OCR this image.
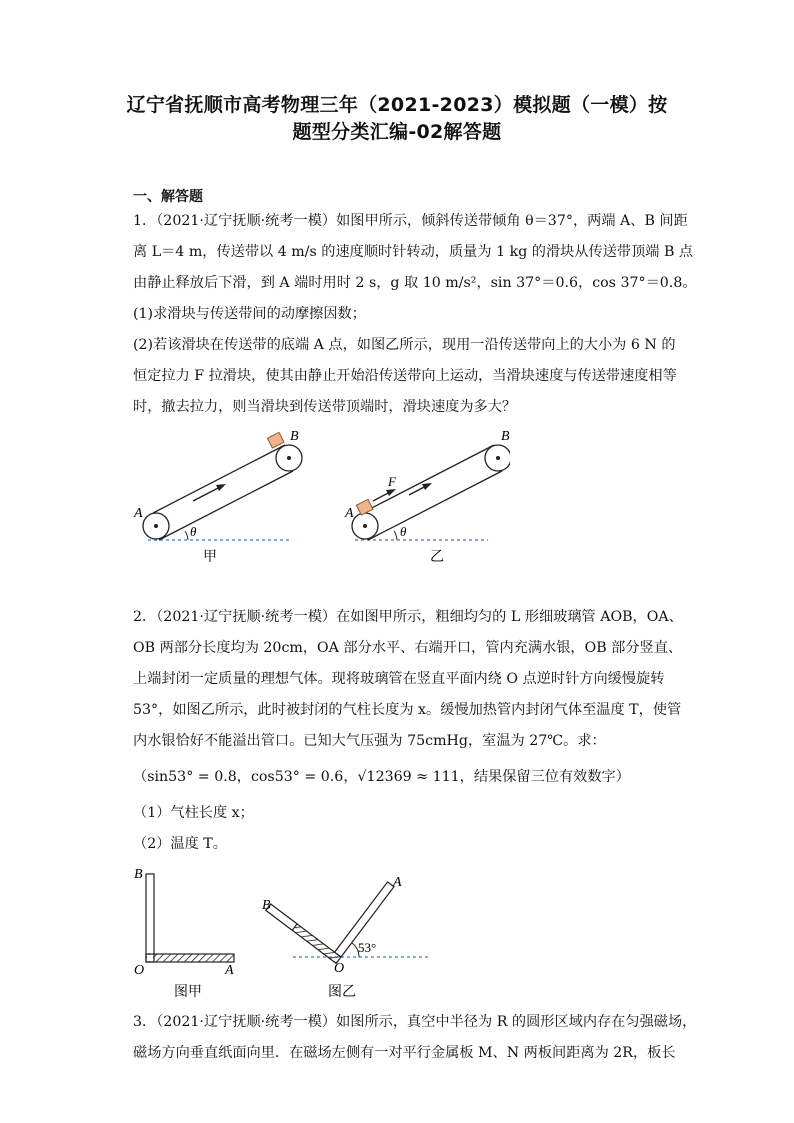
辽宁省抚顺市高考物理三年（2021-2023）模拟题（一模）按
题型分类汇编-02解答题
一、解答题
1．（2021·辽宁抚顺·统考一模）如图甲所示，倾斜传送带倾角 θ＝37°，两端 A、B 间距
离 L＝4 m，传送带以 4 m/s 的速度顺时针转动，质量为 1 kg 的滑块从传送带顶端 B 点
由静止释放后下滑，到 A 端时用时 2 s，g 取 10 m/s²，sin 37°＝0.6，cos 37°＝0.8。
(1)求滑块与传送带间的动摩擦因数；
(2)若该滑块在传送带的底端 A 点，如图乙所示，现用一沿传送带向上的大小为 6 N 的
恒定拉力 F 拉滑块，使其由静止开始沿传送带向上运动，当滑块速度与传送带速度相等
时，撤去拉力，则当滑块到传送带顶端时，滑块速度为多大？
θ
A
B
甲
F
θ
A
B
乙
2．（2021·辽宁抚顺·统考一模）在如图甲所示，粗细均匀的 L 形细玻璃管 AOB，OA、
OB 两部分长度均为 20cm，OA 部分水平、右端开口，管内充满水银，OB 部分竖直、
上端封闭一定质量的理想气体。现将玻璃管在竖直平面内绕 O 点逆时针方向缓慢旋转
53°，如图乙所示，此时被封闭的气柱长度为 x。缓慢加热管内封闭气体至温度 T，使管
内水银恰好不能溢出管口。已知大气压强为 75cmHg，室温为 27℃。求：
（sin53° = 0.8，cos53° = 0.6，√12369 ≈ 111，结果保留三位有效数字）
（1）气柱长度 x；
（2）温度 T。
B
O	A
图甲
53°
B
A
O
图乙
3．（2021·辽宁抚顺·统考一模）如图所示，真空中半径为 R 的圆形区域内存在匀强磁场，
磁场方向垂直纸面向里．在磁场左侧有一对平行金属板 M、N 两板间距离为 2R，板长
